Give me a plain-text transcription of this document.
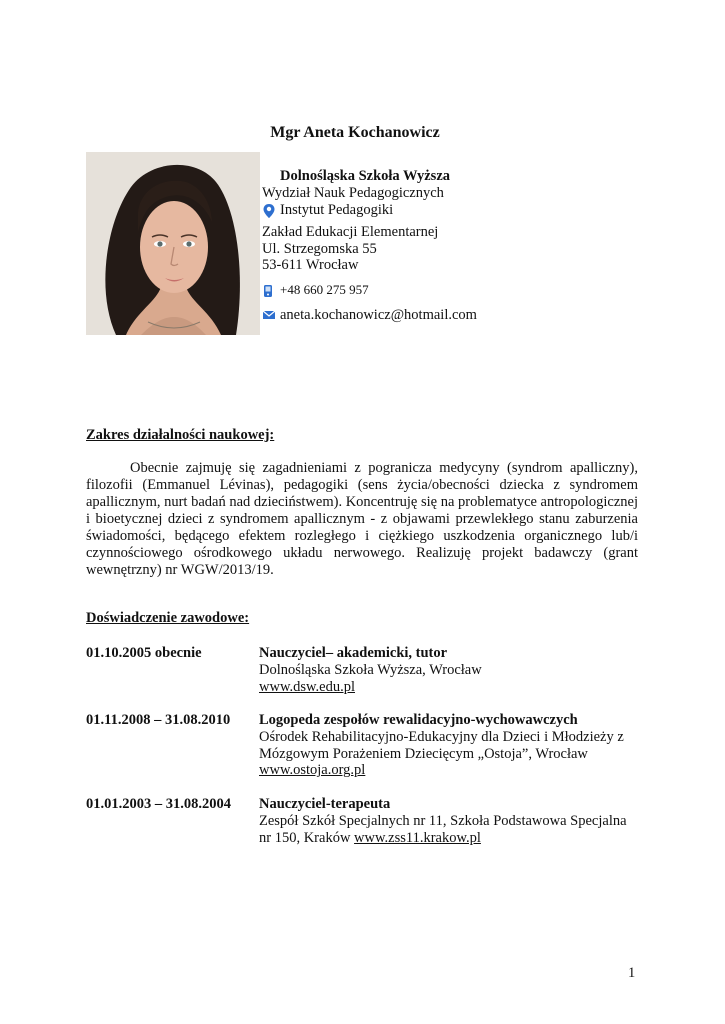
Mgr Aneta Kochanowicz
Dolnośląska Szkoła Wyższa
Wydział Nauk Pedagogicznych
Instytut Pedagogiki
Zakład Edukacji Elementarnej
Ul. Strzegomska 55
53-611 Wrocław
+48 660 275 957
aneta.kochanowicz@hotmail.com
Zakres działalności naukowej:
Obecnie zajmuję się zagadnieniami z pogranicza medycyny (syndrom apalliczny), filozofii (Emmanuel Lévinas), pedagogiki (sens życia/obecności dziecka z syndromem apallicznym, nurt badań nad dzieciństwem). Koncentruję się na problematyce antropologicznej i bioetycznej dzieci z syndromem apallicznym - z objawami przewlekłego stanu zaburzenia świadomości, będącego efektem rozległego i ciężkiego uszkodzenia organicznego lub/i czynnościowego ośrodkowego układu nerwowego. Realizuję projekt badawczy (grant wewnętrzny) nr WGW/2013/19.
Doświadczenie zawodowe:
01.10.2005 obecnie	Nauczyciel– akademicki, tutor
Dolnośląska Szkoła Wyższa, Wrocław
www.dsw.edu.pl
01.11.2008 – 31.08.2010	Logopeda zespołów rewalidacyjno-wychowawczych
Ośrodek Rehabilitacyjno-Edukacyjny dla Dzieci i Młodzieży z Mózgowym Porażeniem Dziecięcym „Ostoja”, Wrocław
www.ostoja.org.pl
01.01.2003 – 31.08.2004	Nauczyciel-terapeuta
Zespół Szkół Specjalnych nr 11, Szkoła Podstawowa Specjalna nr 150, Kraków www.zss11.krakow.pl
1
